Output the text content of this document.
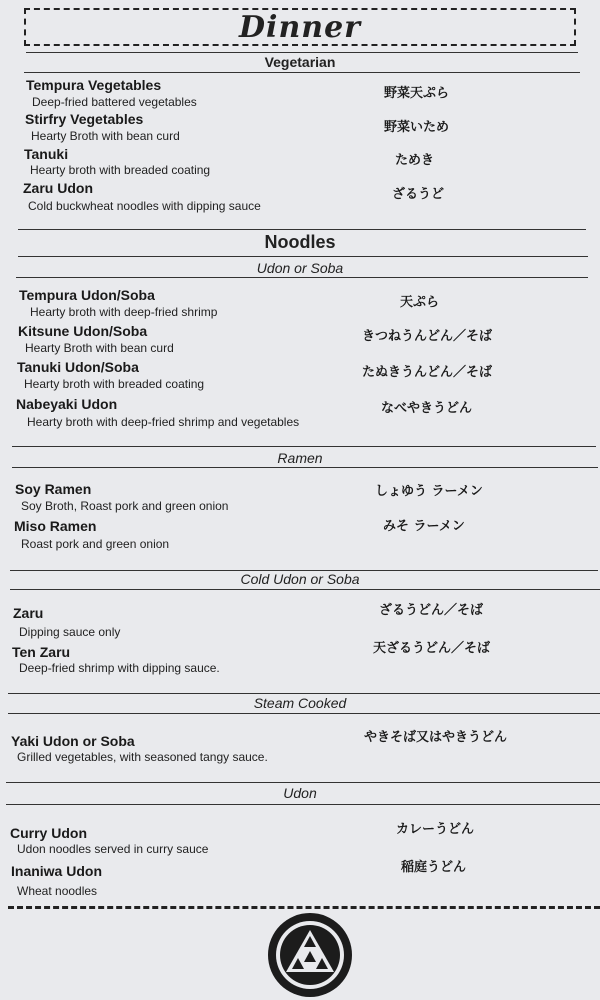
Dinner
Vegetarian
Tempura Vegetables
Deep-fried battered vegetables
野菜天ぷら
Stirfry Vegetables
Hearty Broth with bean curd
野菜いため
Tanuki
Hearty broth with breaded coating
ためき
Zaru Udon
Cold buckwheat noodles with dipping sauce
ざるうど
Noodles
Udon or Soba
Tempura Udon/Soba
Hearty broth with deep-fried shrimp
天ぷら
Kitsune Udon/Soba
Hearty Broth with bean curd
きつねうんどん／そば
Tanuki Udon/Soba
Hearty broth with breaded coating
たぬきうんどん／そば
Nabeyaki Udon
Hearty broth with deep-fried shrimp and vegetables
なべやきうどん
Ramen
Soy Ramen
Soy Broth, Roast pork and green onion
しょゆう ラーメン
Miso Ramen
Roast pork and green onion
みそ ラーメン
Cold Udon or Soba
Zaru
Dipping sauce only
ざるうどん／そば
Ten Zaru
Deep-fried shrimp with dipping sauce.
天ざるうどん／そば
Steam Cooked
Yaki Udon or Soba
Grilled vegetables, with seasoned tangy sauce.
やきそば又はやきうどん
Udon
Curry Udon
Udon noodles served in curry sauce
カレーうどん
Inaniwa Udon
Wheat noodles
稲庭うどん
